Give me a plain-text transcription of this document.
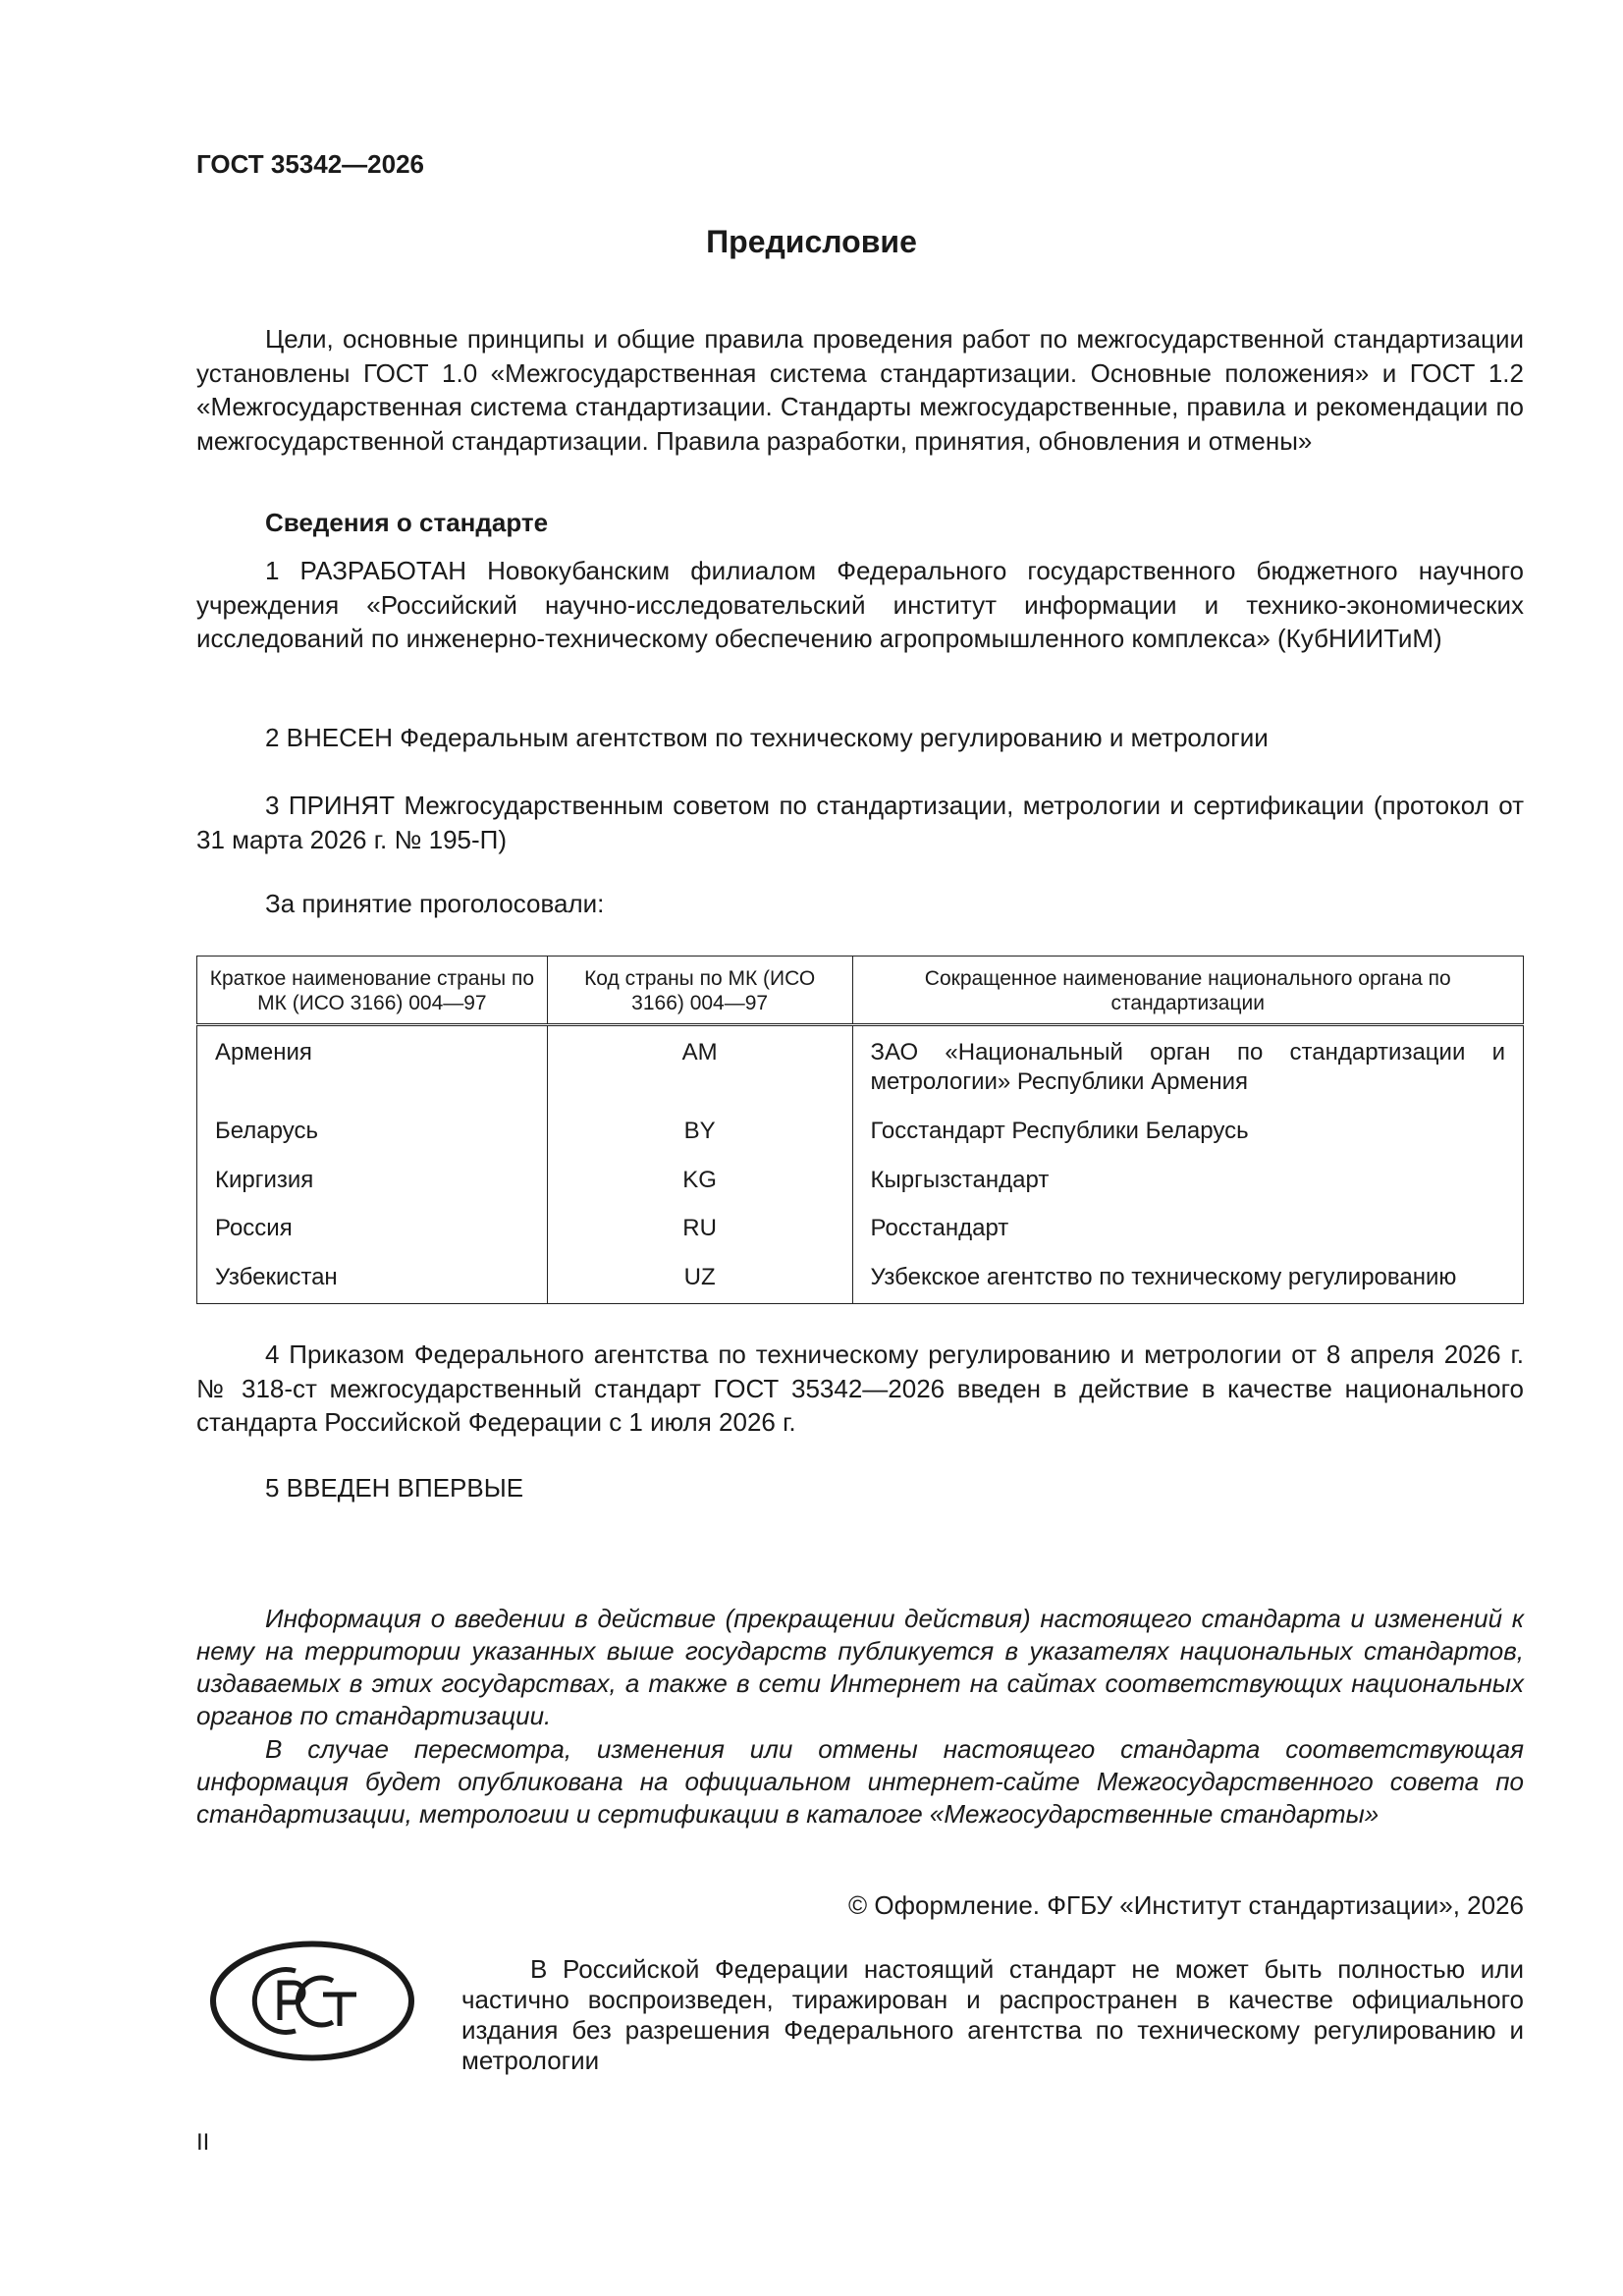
ГОСТ 35342—2026
Предисловие

Цели, основные принципы и общие правила проведения работ по межгосударственной стандартизации установлены ГОСТ 1.0 «Межгосударственная система стандартизации. Основные положения» и ГОСТ 1.2 «Межгосударственная система стандартизации. Стандарты межгосударственные, правила и рекомендации по межгосударственной стандартизации. Правила разработки, принятия, обновления и отмены»

Сведения о стандарте

1 РАЗРАБОТАН Новокубанским филиалом Федерального государственного бюджетного научного учреждения «Российский научно-исследовательский институт информации и технико-экономических исследований по инженерно-техническому обеспечению агропромышленного комплекса» (КубНИИТиМ)

2 ВНЕСЕН Федеральным агентством по техническому регулированию и метрологии

3 ПРИНЯТ Межгосударственным советом по стандартизации, метрологии и сертификации (протокол от 31 марта 2026 г. № 195-П)

За принятие проголосовали:

Краткое наименование страны по МК (ИСО 3166) 004—97	Код страны по МК (ИСО 3166) 004—97	Сокращенное наименование национального органа по стандартизации
Армения	AM	ЗАО «Национальный орган по стандартизации и метрологии» Республики Армения
Беларусь	BY	Госстандарт Республики Беларусь
Киргизия	KG	Кыргызстандарт
Россия	RU	Росстандарт
Узбекистан	UZ	Узбекское агентство по техническому регулированию

4 Приказом Федерального агентства по техническому регулированию и метрологии от 8 апреля 2026 г. № 318-ст межгосударственный стандарт ГОСТ 35342—2026 введен в действие в качестве национального стандарта Российской Федерации с 1 июля 2026 г.

5 ВВЕДЕН ВПЕРВЫЕ

Информация о введении в действие (прекращении действия) настоящего стандарта и изменений к нему на территории указанных выше государств публикуется в указателях национальных стандартов, издаваемых в этих государствах, а также в сети Интернет на сайтах соответствующих национальных органов по стандартизации.

В случае пересмотра, изменения или отмены настоящего стандарта соответствующая информация будет опубликована на официальном интернет-сайте Межгосударственного совета по стандартизации, метрологии и сертификации в каталоге «Межгосударственные стандарты»

© Оформление. ФГБУ «Институт стандартизации», 2026

В Российской Федерации настоящий стандарт не может быть полностью или частично воспроизведен, тиражирован и распространен в качестве официального издания без разрешения Федерального агентства по техническому регулированию и метрологии

II
